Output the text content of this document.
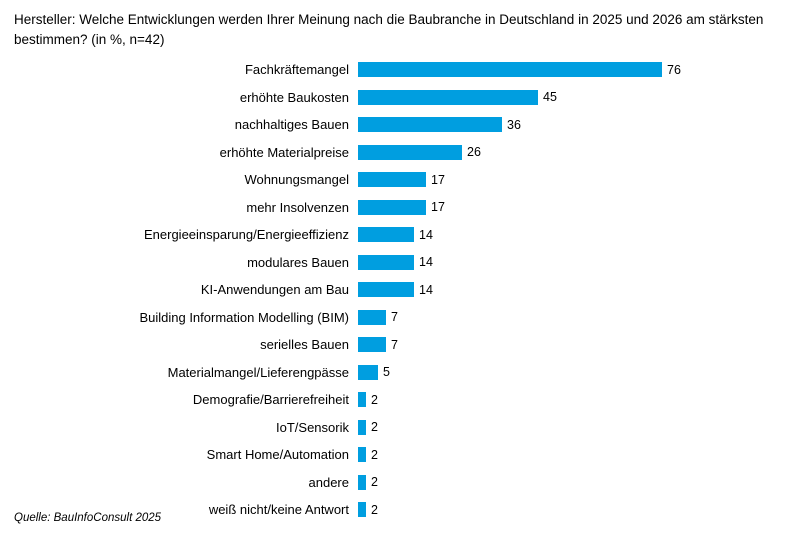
Hersteller: Welche Entwicklungen werden Ihrer Meinung nach die Baubranche in Deutschland in 2025 und 2026 am stärksten bestimmen? (in %, n=42)
Fachkräftemangel	76
erhöhte Baukosten	45
nachhaltiges Bauen	36
erhöhte Materialpreise	26
Wohnungsmangel	17
mehr Insolvenzen	17
Energieeinsparung/Energieeffizienz	14
modulares Bauen	14
KI-Anwendungen am Bau	14
Building Information Modelling (BIM)	7
serielles Bauen	7
Materialmangel/Lieferengpässe	5
Demografie/Barrierefreiheit	2
IoT/Sensorik	2
Smart Home/Automation	2
andere	2
weiß nicht/keine Antwort	2
Quelle: BauInfoConsult 2025
